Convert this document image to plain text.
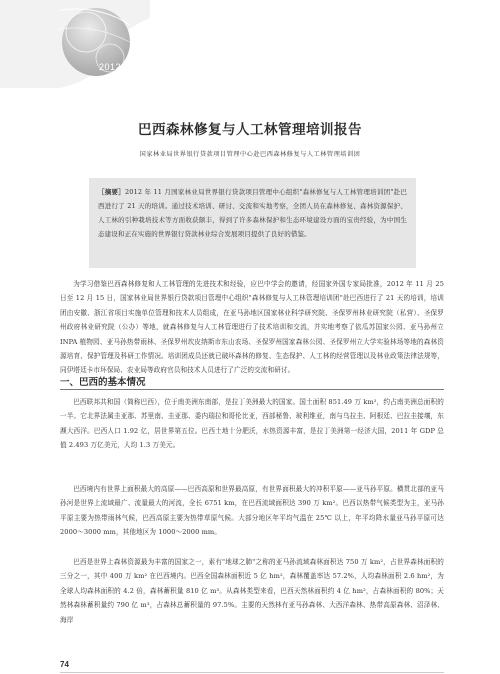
2012年
巴西森林修复与人工林管理培训报告
国家林业局世界银行贷款项目管理中心赴巴西森林修复与人工林管理培训团
［摘要］2012 年 11 月国家林业局世界银行贷款项目管理中心组织"森林修复与人工林管理培训团"赴巴西进行了 21 天的培训。通过技术培训、研讨、交流和实地考察，全团人员在森林修复、森林资源保护、人工林的引种栽培技术等方面收获颇丰，得到了许多森林保护和生态环境建设方面的宝贵经验，为中国生态建设和正在实施的世界银行贷款林业综合发展项目提供了良好的借鉴。
为学习借鉴巴西森林修复和人工林管理的先进技术和经验，应巴中学会的邀请，经国家外国专家局批准，2012 年 11 月 25 日至 12 月 15 日，国家林业局世界银行贷款项目管理中心组织"森林修复与人工林管理培训团"赴巴西进行了 21 天的培训，培训团由安徽、浙江省项目实施单位管理和技术人员组成，在亚马孙地区国家林业科学研究院、圣保罗州林业研究院（私营）、圣保罗州政府林业研究院（公办）等地，就森林修复与人工林管理进行了技术培训和交流，并实地考察了依瓜苏国家公园、亚马孙州立 INPA 植物园、亚马孙热带雨林、圣保罗州坎皮纳斯市东山农场、圣保罗州国家森林公园、圣保罗州立大学实验林场等地的森林资源培育、保护管理及科研工作情况。培训团成员还就已破坏森林的修复、生态保护、人工林的经营管理以及林业政策法律法规等，同伊塔廷卡市环保局、农业局等政府官员和技术人员进行了广泛的交流和研讨。
一、巴西的基本情况
巴西联邦共和国（简称巴西），位于南美洲东南部，是拉丁美洲最大的国家。国土面积 851.49 万 km²，约占南美洲总面积的一半。它北界法属圭亚那、苏里南、圭亚那、委内瑞拉和哥伦比亚，西部秘鲁、玻利维亚，南与乌拉圭、阿根廷、巴拉圭接壤，东濒大西洋。巴西人口 1.92 亿，居世界第五位。巴西土地十分肥沃，水热资源丰富，是拉丁美洲第一经济大国，2011 年 GDP 总值 2.493 万亿美元，人均 1.3 万美元。
巴西境内有世界上面积最大的高原——巴西高原和世界最高原，有世界面积最大的冲积平原——亚马孙平原。横贯北部的亚马孙河是世界上流域最广、流量最大的河流，全长 6751 km，在巴西流域面积达 390 万 km²。巴西以热带气候类型为主，亚马孙平原主要为热带雨林气候，巴西高原主要为热带草原气候。大部分地区年平均气温在 25℃ 以上，年平均降水量亚马孙平原可达 2000～3000 mm，其他地区为 1000～2000 mm。
巴西是世界上森林资源最为丰富的国家之一，素有"地球之肺"之称的亚马孙流域森林面积达 750 万 km²，占世界森林面积的三分之一，其中 400 万 km² 在巴西境内。巴西全国森林面积近 5 亿 hm²，森林覆盖率达 57.2%，人均森林面积 2.6 hm²，为全球人均森林面积的 4.2 倍，森林蓄积量 810 亿 m³。从森林类型来看，巴西天然林面积约 4 亿 hm²，占森林面积的 80%；天然林森林蓄积量约 790 亿 m³，占森林总蓄积量的 97.5%。主要的天然林有亚马孙森林、大西洋森林、热带高原森林、沼泽林、海岸
74
